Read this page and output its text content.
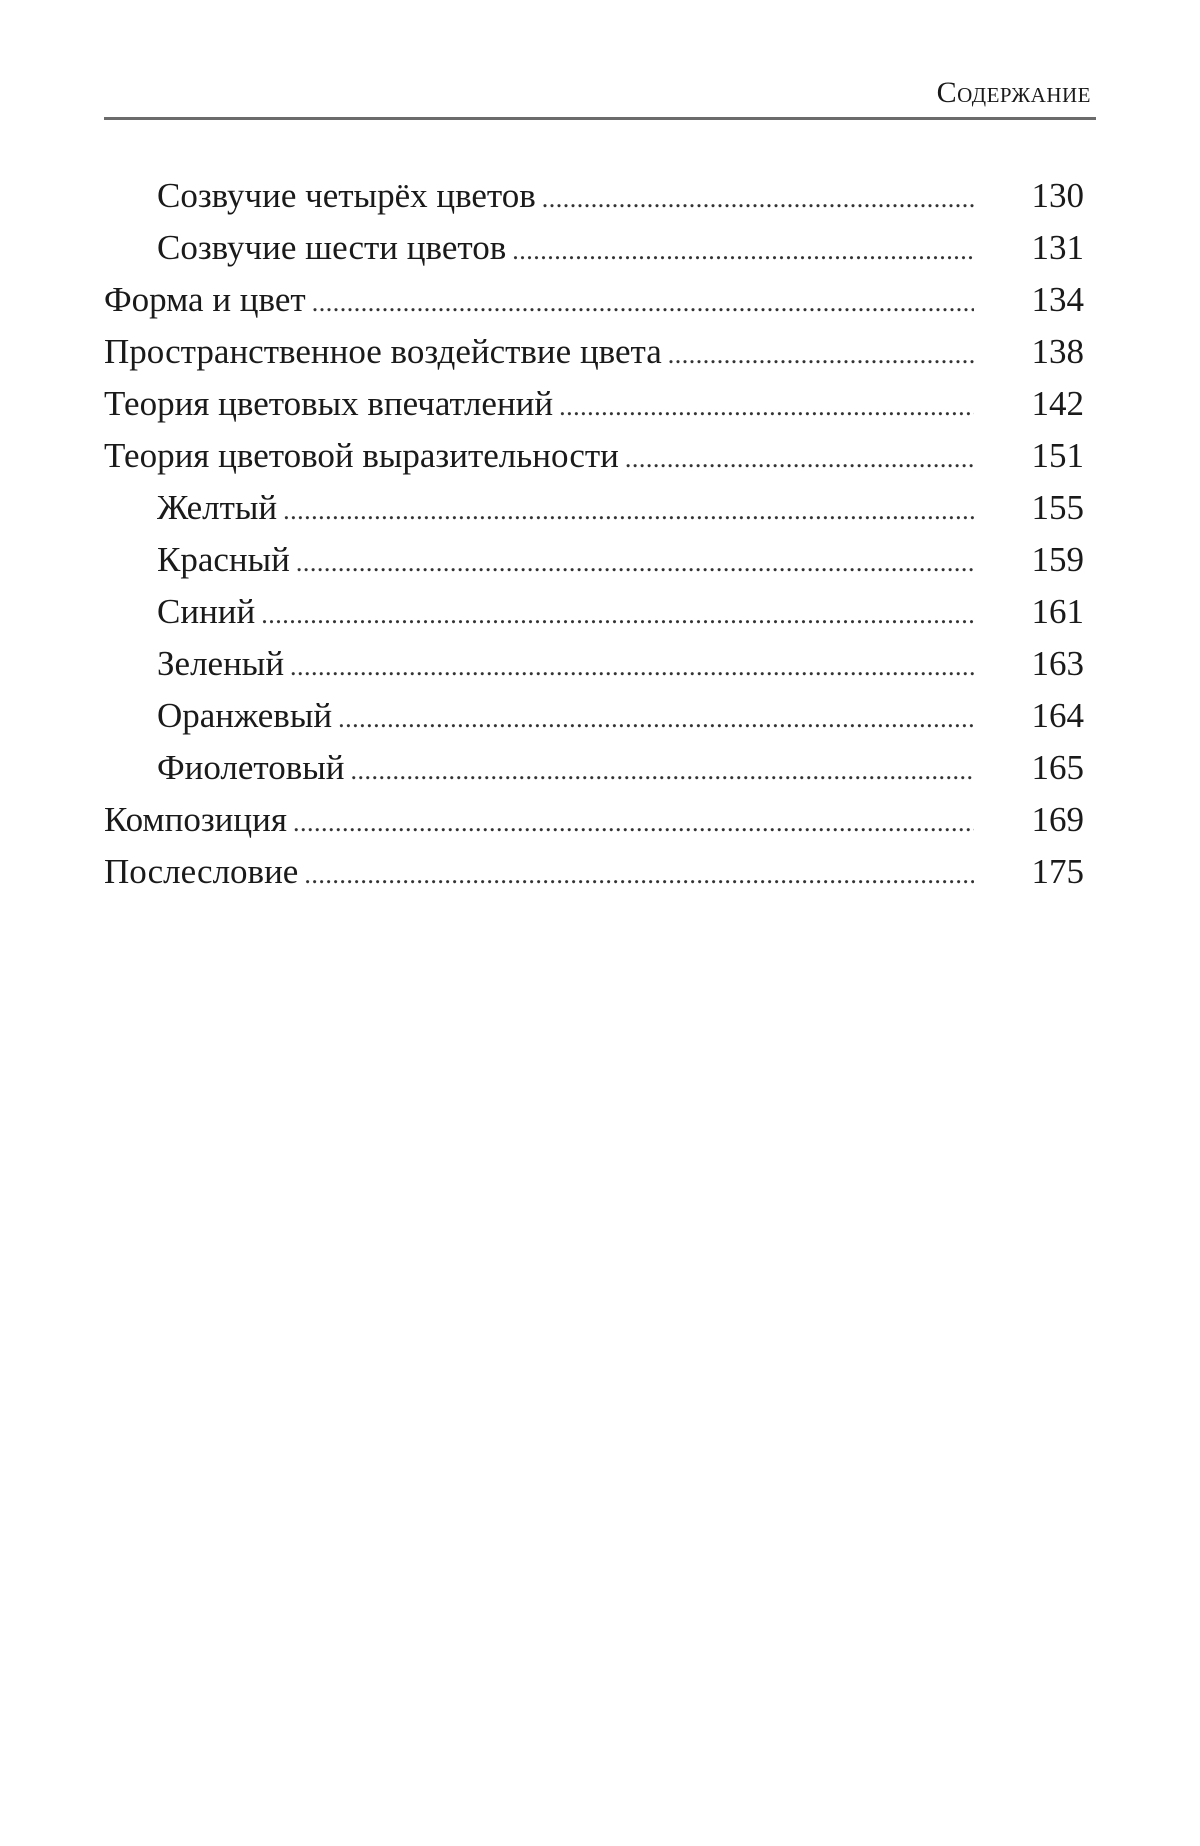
Содержание
Созвучие четырёх цветов . . .	130
Созвучие шести цветов . . .	131
Форма и цвет . . .	134
Пространственное воздействие цвета . . .	138
Теория цветовых впечатлений . . .	142
Теория цветовой выразительности . . .	151
Желтый . . .	155
Красный . . .	159
Синий . . .	161
Зеленый . . .	163
Оранжевый . . .	164
Фиолетовый . . .	165
Композиция . . .	169
Послесловие . . .	175
